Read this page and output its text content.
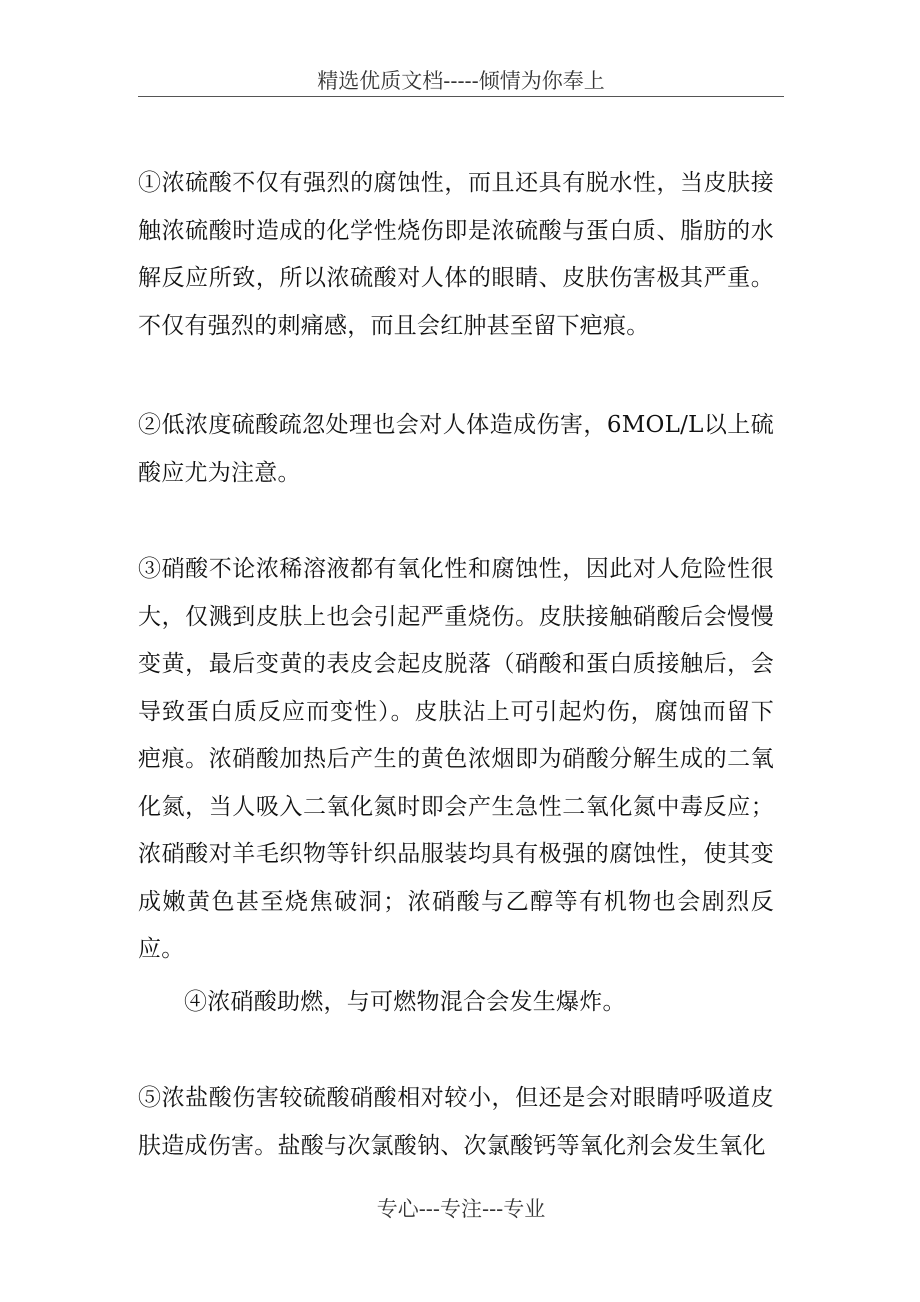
精选优质文档-----倾情为你奉上

①浓硫酸不仅有强烈的腐蚀性，而且还具有脱水性，当皮肤接触浓硫酸时造成的化学性烧伤即是浓硫酸与蛋白质、脂肪的水解反应所致，所以浓硫酸对人体的眼睛、皮肤伤害极其严重。不仅有强烈的刺痛感，而且会红肿甚至留下疤痕。

②低浓度硫酸疏忽处理也会对人体造成伤害，6MOL/L以上硫酸应尤为注意。

③硝酸不论浓稀溶液都有氧化性和腐蚀性，因此对人危险性很大，仅溅到皮肤上也会引起严重烧伤。皮肤接触硝酸后会慢慢变黄，最后变黄的表皮会起皮脱落（硝酸和蛋白质接触后，会导致蛋白质反应而变性）。皮肤沾上可引起灼伤，腐蚀而留下疤痕。浓硝酸加热后产生的黄色浓烟即为硝酸分解生成的二氧化氮，当人吸入二氧化氮时即会产生急性二氧化氮中毒反应；浓硝酸对羊毛织物等针织品服装均具有极强的腐蚀性，使其变成嫩黄色甚至烧焦破洞；浓硝酸与乙醇等有机物也会剧烈反应。

④浓硝酸助燃，与可燃物混合会发生爆炸。

⑤浓盐酸伤害较硫酸硝酸相对较小，但还是会对眼睛呼吸道皮肤造成伤害。盐酸与次氯酸钠、次氯酸钙等氧化剂会发生氧化

专心---专注---专业
